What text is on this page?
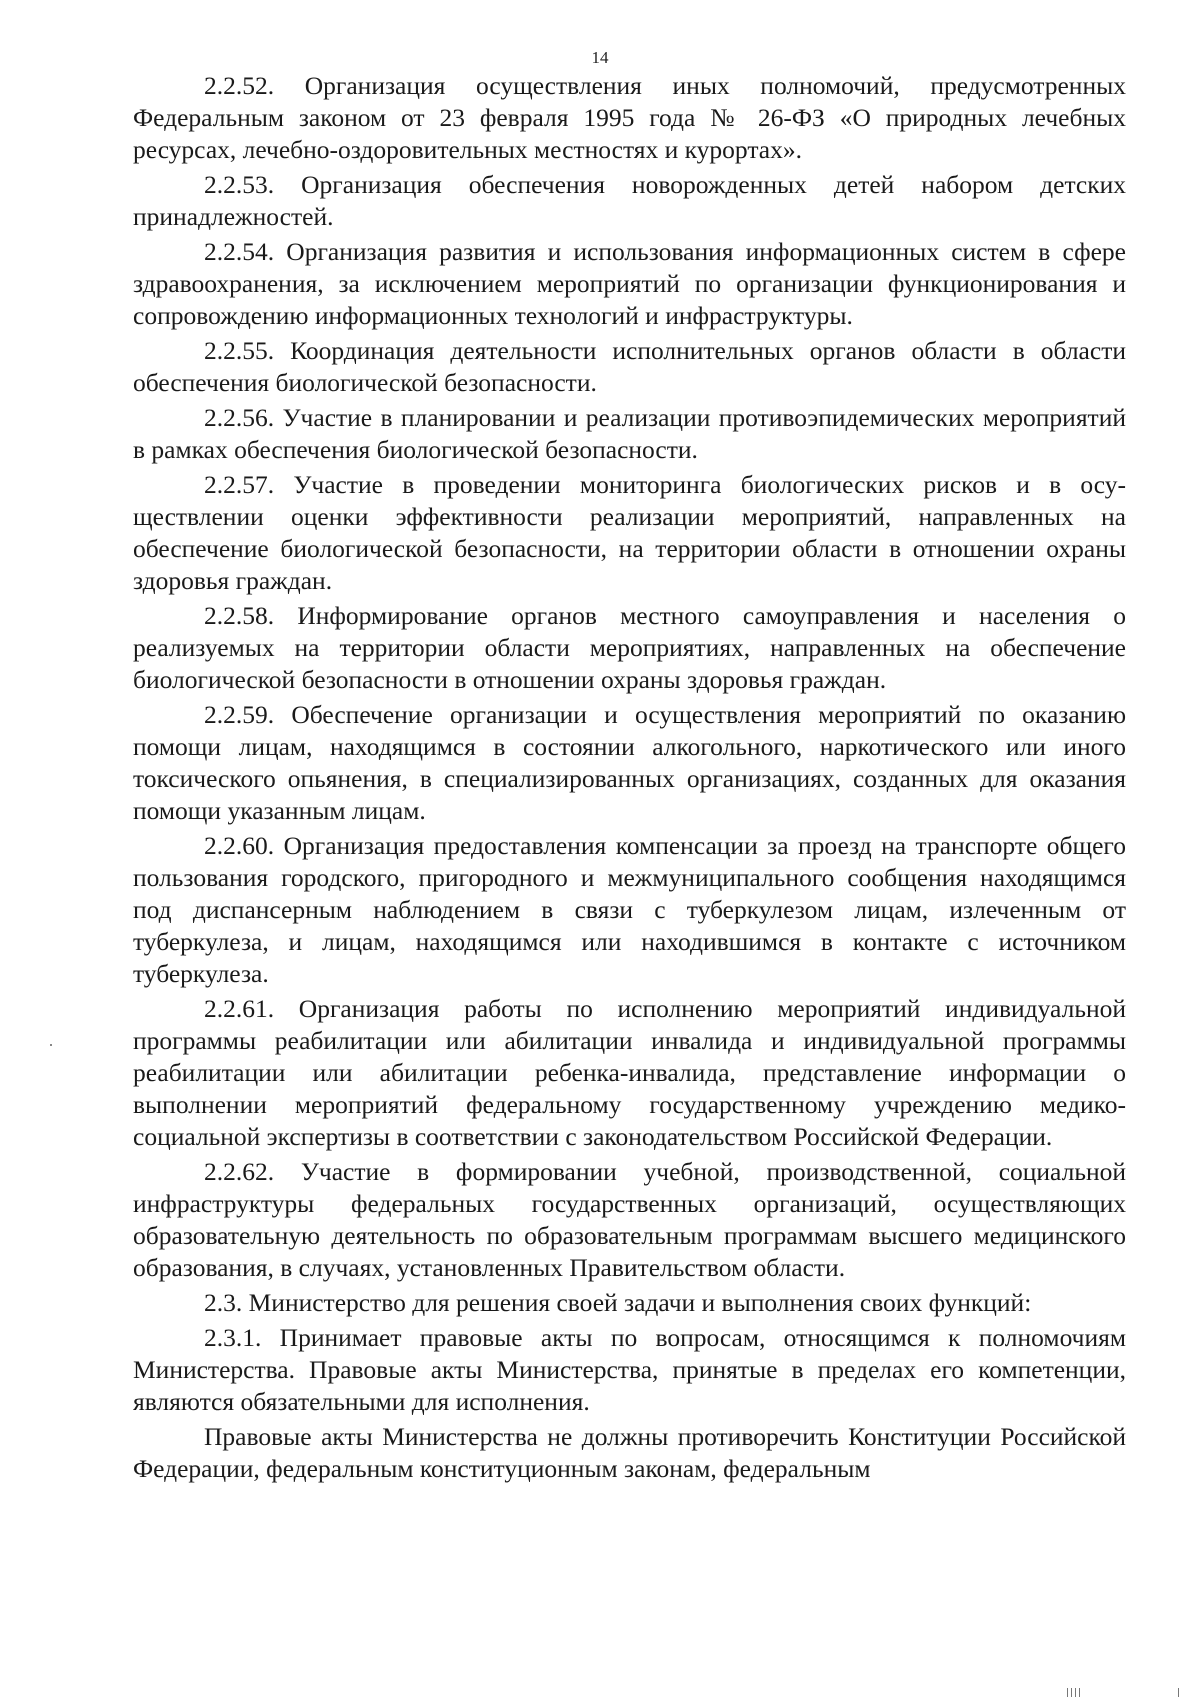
14

2.2.52. Организация осуществления иных полномочий, предусмотренных Федеральным законом от 23 февраля 1995 года № 26-ФЗ «О природных лечебных ресурсах, лечебно-оздоровительных местностях и курортах».

2.2.53. Организация обеспечения новорожденных детей набором детских принадлежностей.

2.2.54. Организация развития и использования информационных систем в сфере здравоохранения, за исключением мероприятий по организации функционирования и сопровождению информационных технологий и инфраструктуры.

2.2.55. Координация деятельности исполнительных органов области в области обеспечения биологической безопасности.

2.2.56. Участие в планировании и реализации противоэпидемических мероприятий в рамках обеспечения биологической безопасности.

2.2.57. Участие в проведении мониторинга биологических рисков и в осуществлении оценки эффективности реализации мероприятий, направленных на обеспечение биологической безопасности, на территории области в отношении охраны здоровья граждан.

2.2.58. Информирование органов местного самоуправления и населения о реализуемых на территории области мероприятиях, направленных на обеспечение биологической безопасности в отношении охраны здоровья граждан.

2.2.59. Обеспечение организации и осуществления мероприятий по оказанию помощи лицам, находящимся в состоянии алкогольного, наркотического или иного токсического опьянения, в специализированных организациях, созданных для оказания помощи указанным лицам.

2.2.60. Организация предоставления компенсации за проезд на транспорте общего пользования городского, пригородного и межмуниципального сообщения находящимся под диспансерным наблюдением в связи с туберкулезом лицам, излеченным от туберкулеза, и лицам, находящимся или находившимся в контакте с источником туберкулеза.

2.2.61. Организация работы по исполнению мероприятий индивидуальной программы реабилитации или абилитации инвалида и индивидуальной программы реабилитации или абилитации ребенка-инвалида, представление информации о выполнении мероприятий федеральному государственному учреждению медико-социальной экспертизы в соответствии с законодательством Российской Федерации.

2.2.62. Участие в формировании учебной, производственной, социальной инфраструктуры федеральных государственных организаций, осуществляющих образовательную деятельность по образовательным программам высшего медицинского образования, в случаях, установленных Правительством области.

2.3. Министерство для решения своей задачи и выполнения своих функций:

2.3.1. Принимает правовые акты по вопросам, относящимся к полномочиям Министерства. Правовые акты Министерства, принятые в пределах его компетенции, являются обязательными для исполнения.

Правовые акты Министерства не должны противоречить Конституции Российской Федерации, федеральным конституционным законам, федеральным
